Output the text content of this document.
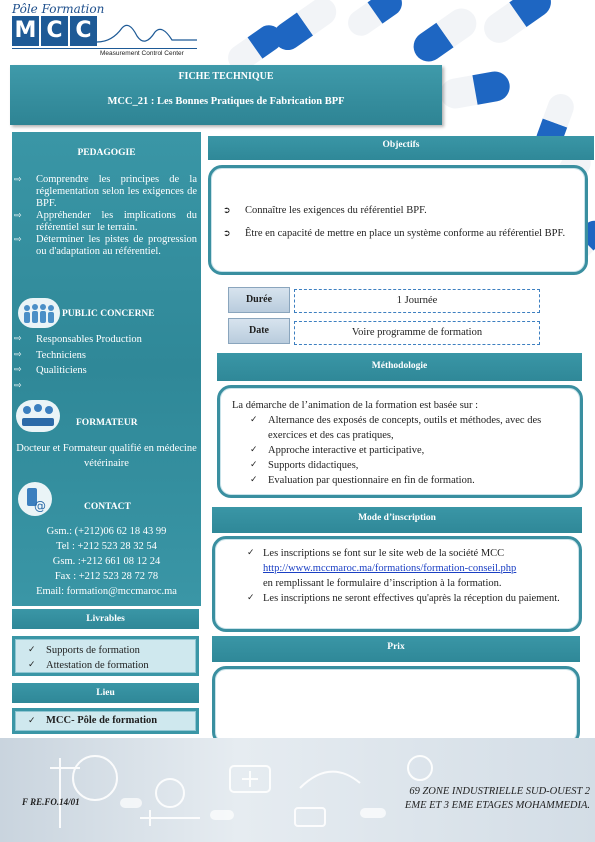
Pôle Formation
M C C
Measurement Control Center
FICHE TECHNIQUE
MCC_21 : Les Bonnes Pratiques de Fabrication BPF
PEDAGOGIE
⇨ Comprendre les principes de la réglementation selon les exigences de BPF.
⇨ Appréhender les implications du référentiel sur le terrain.
⇨ Déterminer les pistes de progression ou d'adaptation au référentiel.
PUBLIC CONCERNE
⇨ Responsables Production
⇨ Techniciens
⇨ Qualiticiens
⇨
FORMATEUR
Docteur et Formateur qualifié en médecine vétérinaire
@	CONTACT
Gsm.: (+212)06 62 18 43 99
Tel : +212 523 28 32 54
Gsm. :+212 661 08 12 24
Fax : +212 523 28 72 78
Email: formation@mccmaroc.ma
Livrables
✓ Supports de formation
✓ Attestation de formation
Lieu
✓ MCC- Pôle de formation
Objectifs
➲ Connaître les exigences du référentiel BPF.
➲ Être en capacité de mettre en place un système conforme au référentiel BPF.
Durée	1 Journée
Date	Voire programme de formation
Méthodologie
La démarche de l’animation de la formation est basée sur :
✓ Alternance des exposés de concepts, outils et méthodes, avec des exercices et des cas pratiques,
✓ Approche interactive et participative,
✓ Supports didactiques,
✓ Evaluation par questionnaire en fin de formation.
Mode d’inscription
✓ Les inscriptions se font sur le site web de la société MCC
http://www.mccmaroc.ma/formations/formation-conseil.php
en remplissant le formulaire d’inscription à la formation.
✓ Les inscriptions ne seront effectives qu'après la réception du paiement.
Prix
F RE.FO.14/01
69 ZONE INDUSTRIELLE SUD-OUEST 2
EME ET 3 EME ETAGES MOHAMMEDIA.
